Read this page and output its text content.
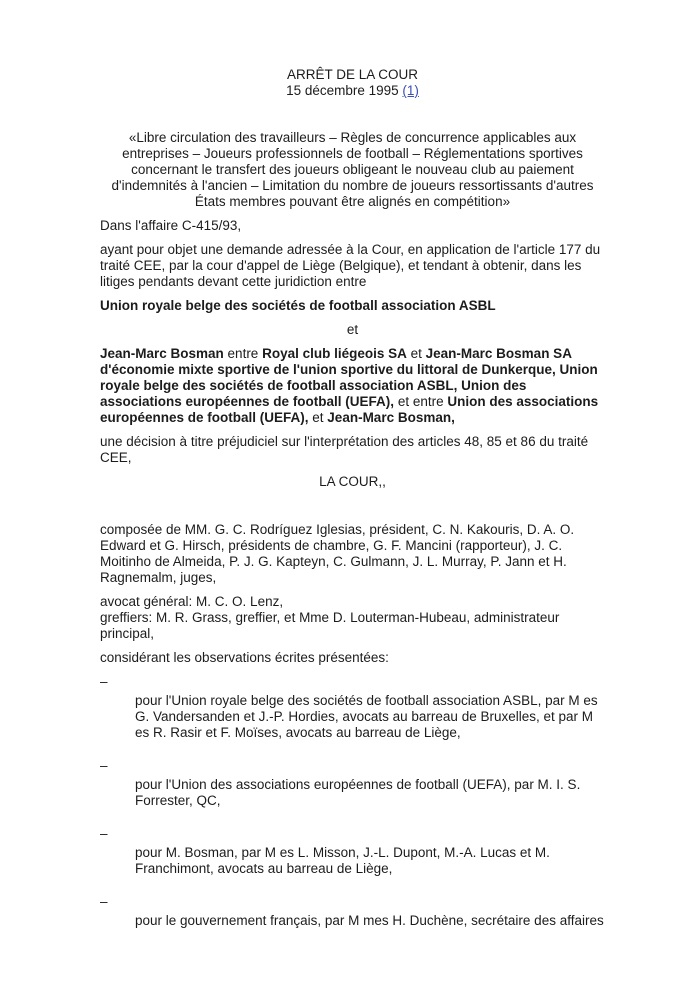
ARRÊT DE LA COUR
15 décembre 1995 (1)
«Libre circulation des travailleurs – Règles de concurrence applicables aux entreprises – Joueurs professionnels de football – Réglementations sportives concernant le transfert des joueurs obligeant le nouveau club au paiement d'indemnités à l'ancien – Limitation du nombre de joueurs ressortissants d'autres États membres pouvant être alignés en compétition»
Dans l'affaire C-415/93,
ayant pour objet une demande adressée à la Cour, en application de l'article 177 du traité CEE, par la cour d'appel de Liège (Belgique), et tendant à obtenir, dans les litiges pendants devant cette juridiction entre
Union royale belge des sociétés de football association ASBL
et
Jean-Marc Bosman entre Royal club liégeois SA et Jean-Marc Bosman SA d'économie mixte sportive de l'union sportive du littoral de Dunkerque, Union royale belge des sociétés de football association ASBL, Union des associations européennes de football (UEFA), et entre Union des associations européennes de football (UEFA), et Jean-Marc Bosman,
une décision à titre préjudiciel sur l'interprétation des articles 48, 85 et 86 du traité CEE,
LA COUR,,
composée de MM. G. C. Rodríguez Iglesias, président, C. N. Kakouris, D. A. O. Edward et G. Hirsch, présidents de chambre, G. F. Mancini (rapporteur), J. C. Moitinho de Almeida, P. J. G. Kapteyn, C. Gulmann, J. L. Murray, P. Jann et H. Ragnemalm, juges,
avocat général: M. C. O. Lenz,
greffiers: M. R. Grass, greffier, et Mme D. Louterman-Hubeau, administrateur principal,
considérant les observations écrites présentées:
–
pour l'Union royale belge des sociétés de football association ASBL, par M es G. Vandersanden et J.-P. Hordies, avocats au barreau de Bruxelles, et par M es R. Rasir et F. Moïses, avocats au barreau de Liège,
–
pour l'Union des associations européennes de football (UEFA), par M. I. S. Forrester, QC,
–
pour M. Bosman, par M es L. Misson, J.-L. Dupont, M.-A. Lucas et M. Franchimont, avocats au barreau de Liège,
–
pour le gouvernement français, par M mes H. Duchène, secrétaire des affaires
